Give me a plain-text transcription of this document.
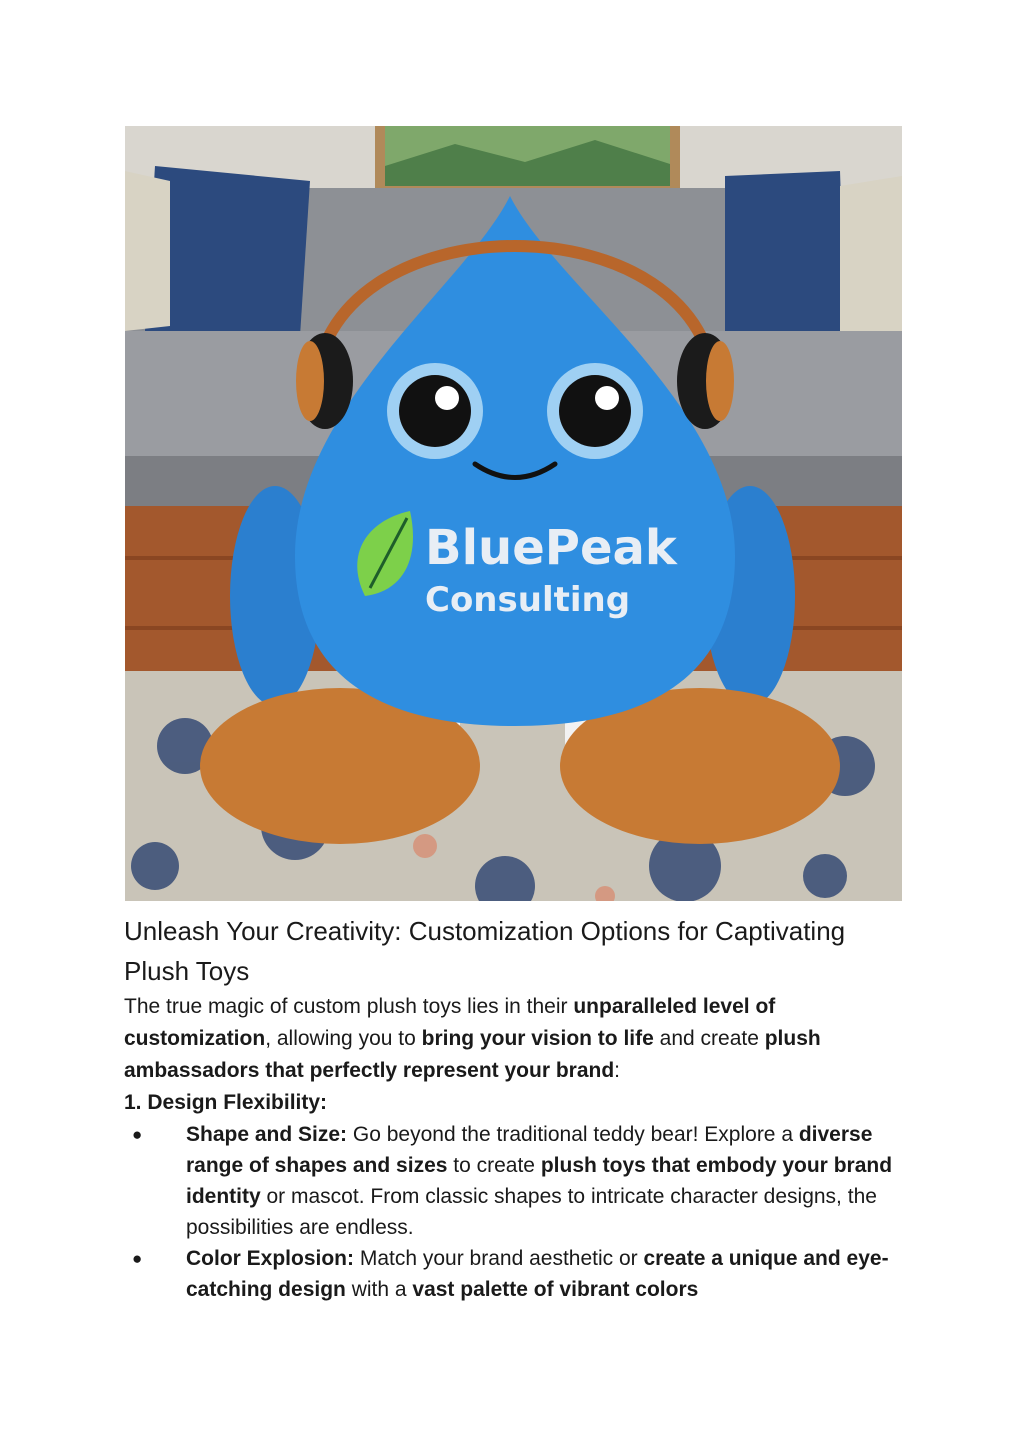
BluePeak
Consulting
Unleash Your Creativity: Customization Options for Captivating Plush Toys

The true magic of custom plush toys lies in their unparalleled level of customization, allowing you to bring your vision to life and create plush ambassadors that perfectly represent your brand:

1. Design Flexibility:

● Shape and Size: Go beyond the traditional teddy bear! Explore a diverse range of shapes and sizes to create plush toys that embody your brand identity or mascot. From classic shapes to intricate character designs, the possibilities are endless.
● Color Explosion: Match your brand aesthetic or create a unique and eye-catching design with a vast palette of vibrant colors
